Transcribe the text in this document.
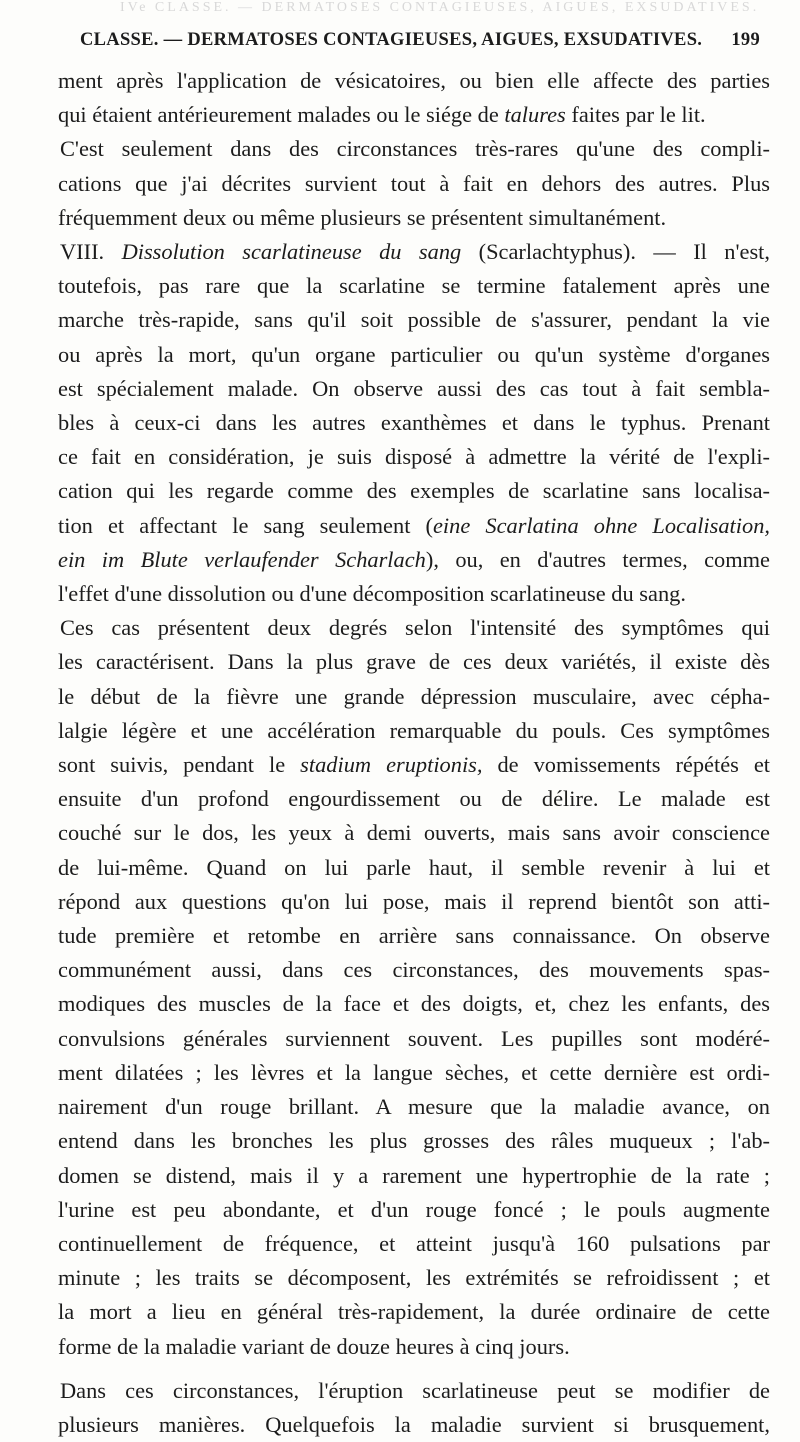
IVe CLASSE. — DERMATOSES CONTAGIEUSES, AIGUES, EXSUDATIVES.
CLASSE. — DERMATOSES CONTAGIEUSES, AIGUES, EXSUDATIVES. 199

ment après l'application de vésicatoires, ou bien elle affecte des parties

qui étaient antérieurement malades ou le siége de talures faites par le lit.

C'est seulement dans des circonstances très-rares qu'une des compli-

cations que j'ai décrites survient tout à fait en dehors des autres. Plus

fréquemment deux ou même plusieurs se présentent simultanément.

VIII. Dissolution scarlatineuse du sang (Scarlachtyphus). — Il n'est,

toutefois, pas rare que la scarlatine se termine fatalement après une

marche très-rapide, sans qu'il soit possible de s'assurer, pendant la vie

ou après la mort, qu'un organe particulier ou qu'un système d'organes

est spécialement malade. On observe aussi des cas tout à fait sembla-

bles à ceux-ci dans les autres exanthèmes et dans le typhus. Prenant

ce fait en considération, je suis disposé à admettre la vérité de l'expli-

cation qui les regarde comme des exemples de scarlatine sans localisa-

tion et affectant le sang seulement (eine Scarlatina ohne Localisation,

ein im Blute verlaufender Scharlach), ou, en d'autres termes, comme

l'effet d'une dissolution ou d'une décomposition scarlatineuse du sang.

Ces cas présentent deux degrés selon l'intensité des symptômes qui

les caractérisent. Dans la plus grave de ces deux variétés, il existe dès

le début de la fièvre une grande dépression musculaire, avec cépha-

lalgie légère et une accélération remarquable du pouls. Ces symptômes

sont suivis, pendant le stadium eruptionis, de vomissements répétés et

ensuite d'un profond engourdissement ou de délire. Le malade est

couché sur le dos, les yeux à demi ouverts, mais sans avoir conscience

de lui-même. Quand on lui parle haut, il semble revenir à lui et

répond aux questions qu'on lui pose, mais il reprend bientôt son atti-

tude première et retombe en arrière sans connaissance. On observe

communément aussi, dans ces circonstances, des mouvements spas-

modiques des muscles de la face et des doigts, et, chez les enfants, des

convulsions générales surviennent souvent. Les pupilles sont modéré-

ment dilatées ; les lèvres et la langue sèches, et cette dernière est ordi-

nairement d'un rouge brillant. A mesure que la maladie avance, on

entend dans les bronches les plus grosses des râles muqueux ; l'ab-

domen se distend, mais il y a rarement une hypertrophie de la rate ;

l'urine est peu abondante, et d'un rouge foncé ; le pouls augmente

continuellement de fréquence, et atteint jusqu'à 160 pulsations par

minute ; les traits se décomposent, les extrémités se refroidissent ; et

la mort a lieu en général très-rapidement, la durée ordinaire de cette

forme de la maladie variant de douze heures à cinq jours.

Dans ces circonstances, l'éruption scarlatineuse peut se modifier de

plusieurs manières. Quelquefois la maladie survient si brusquement,
